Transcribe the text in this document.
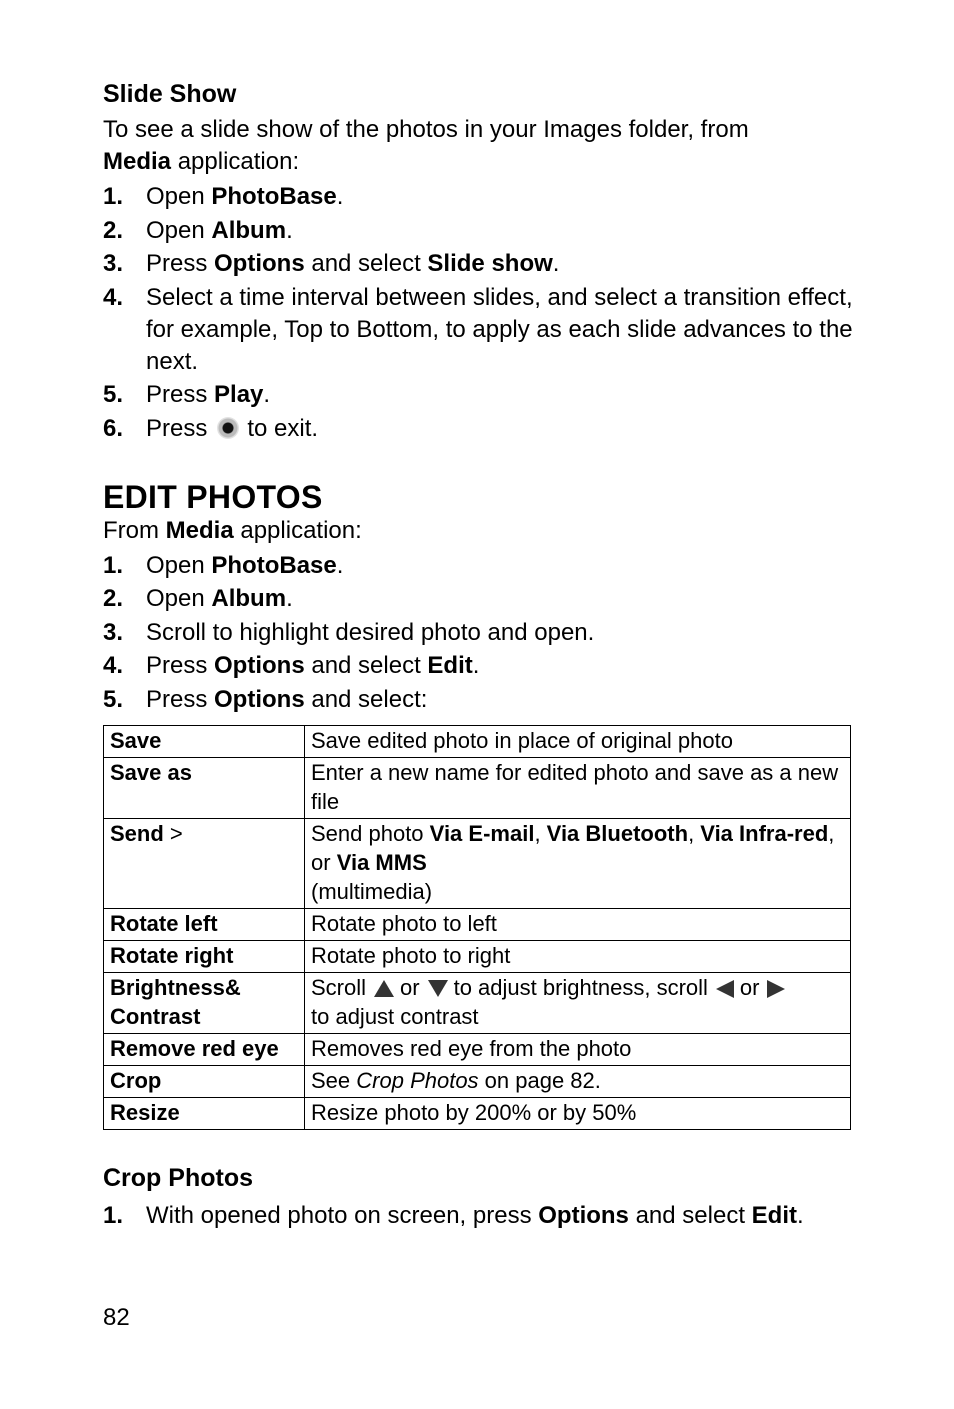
Slide Show

To see a slide show of the photos in your Images folder, from
Media application:

1. Open PhotoBase.
2. Open Album.
3. Press Options and select Slide show.
4. Select a time interval between slides, and select a transition effect, for example, Top to Bottom, to apply as each slide advances to the next.
5. Press Play.
6. Press to exit.
EDIT PHOTOS

From Media application:

1. Open PhotoBase.
2. Open Album.
3. Scroll to highlight desired photo and open.
4. Press Options and select Edit.
5. Press Options and select:
Save	Save edited photo in place of original photo
Save as	Enter a new name for edited photo and save as a new file
Send >	Send photo Via E-mail, Via Bluetooth, Via Infra-red, or Via MMS
(multimedia)
Rotate left	Rotate photo to left
Rotate right	Rotate photo to right
Brightness& Contrast	Scroll or to adjust brightness, scroll or
to adjust contrast
Remove red eye	Removes red eye from the photo
Crop	See Crop Photos on page 82.
Resize	Resize photo by 200% or by 50%
Crop Photos
1. With opened photo on screen, press Options and select Edit.
82
